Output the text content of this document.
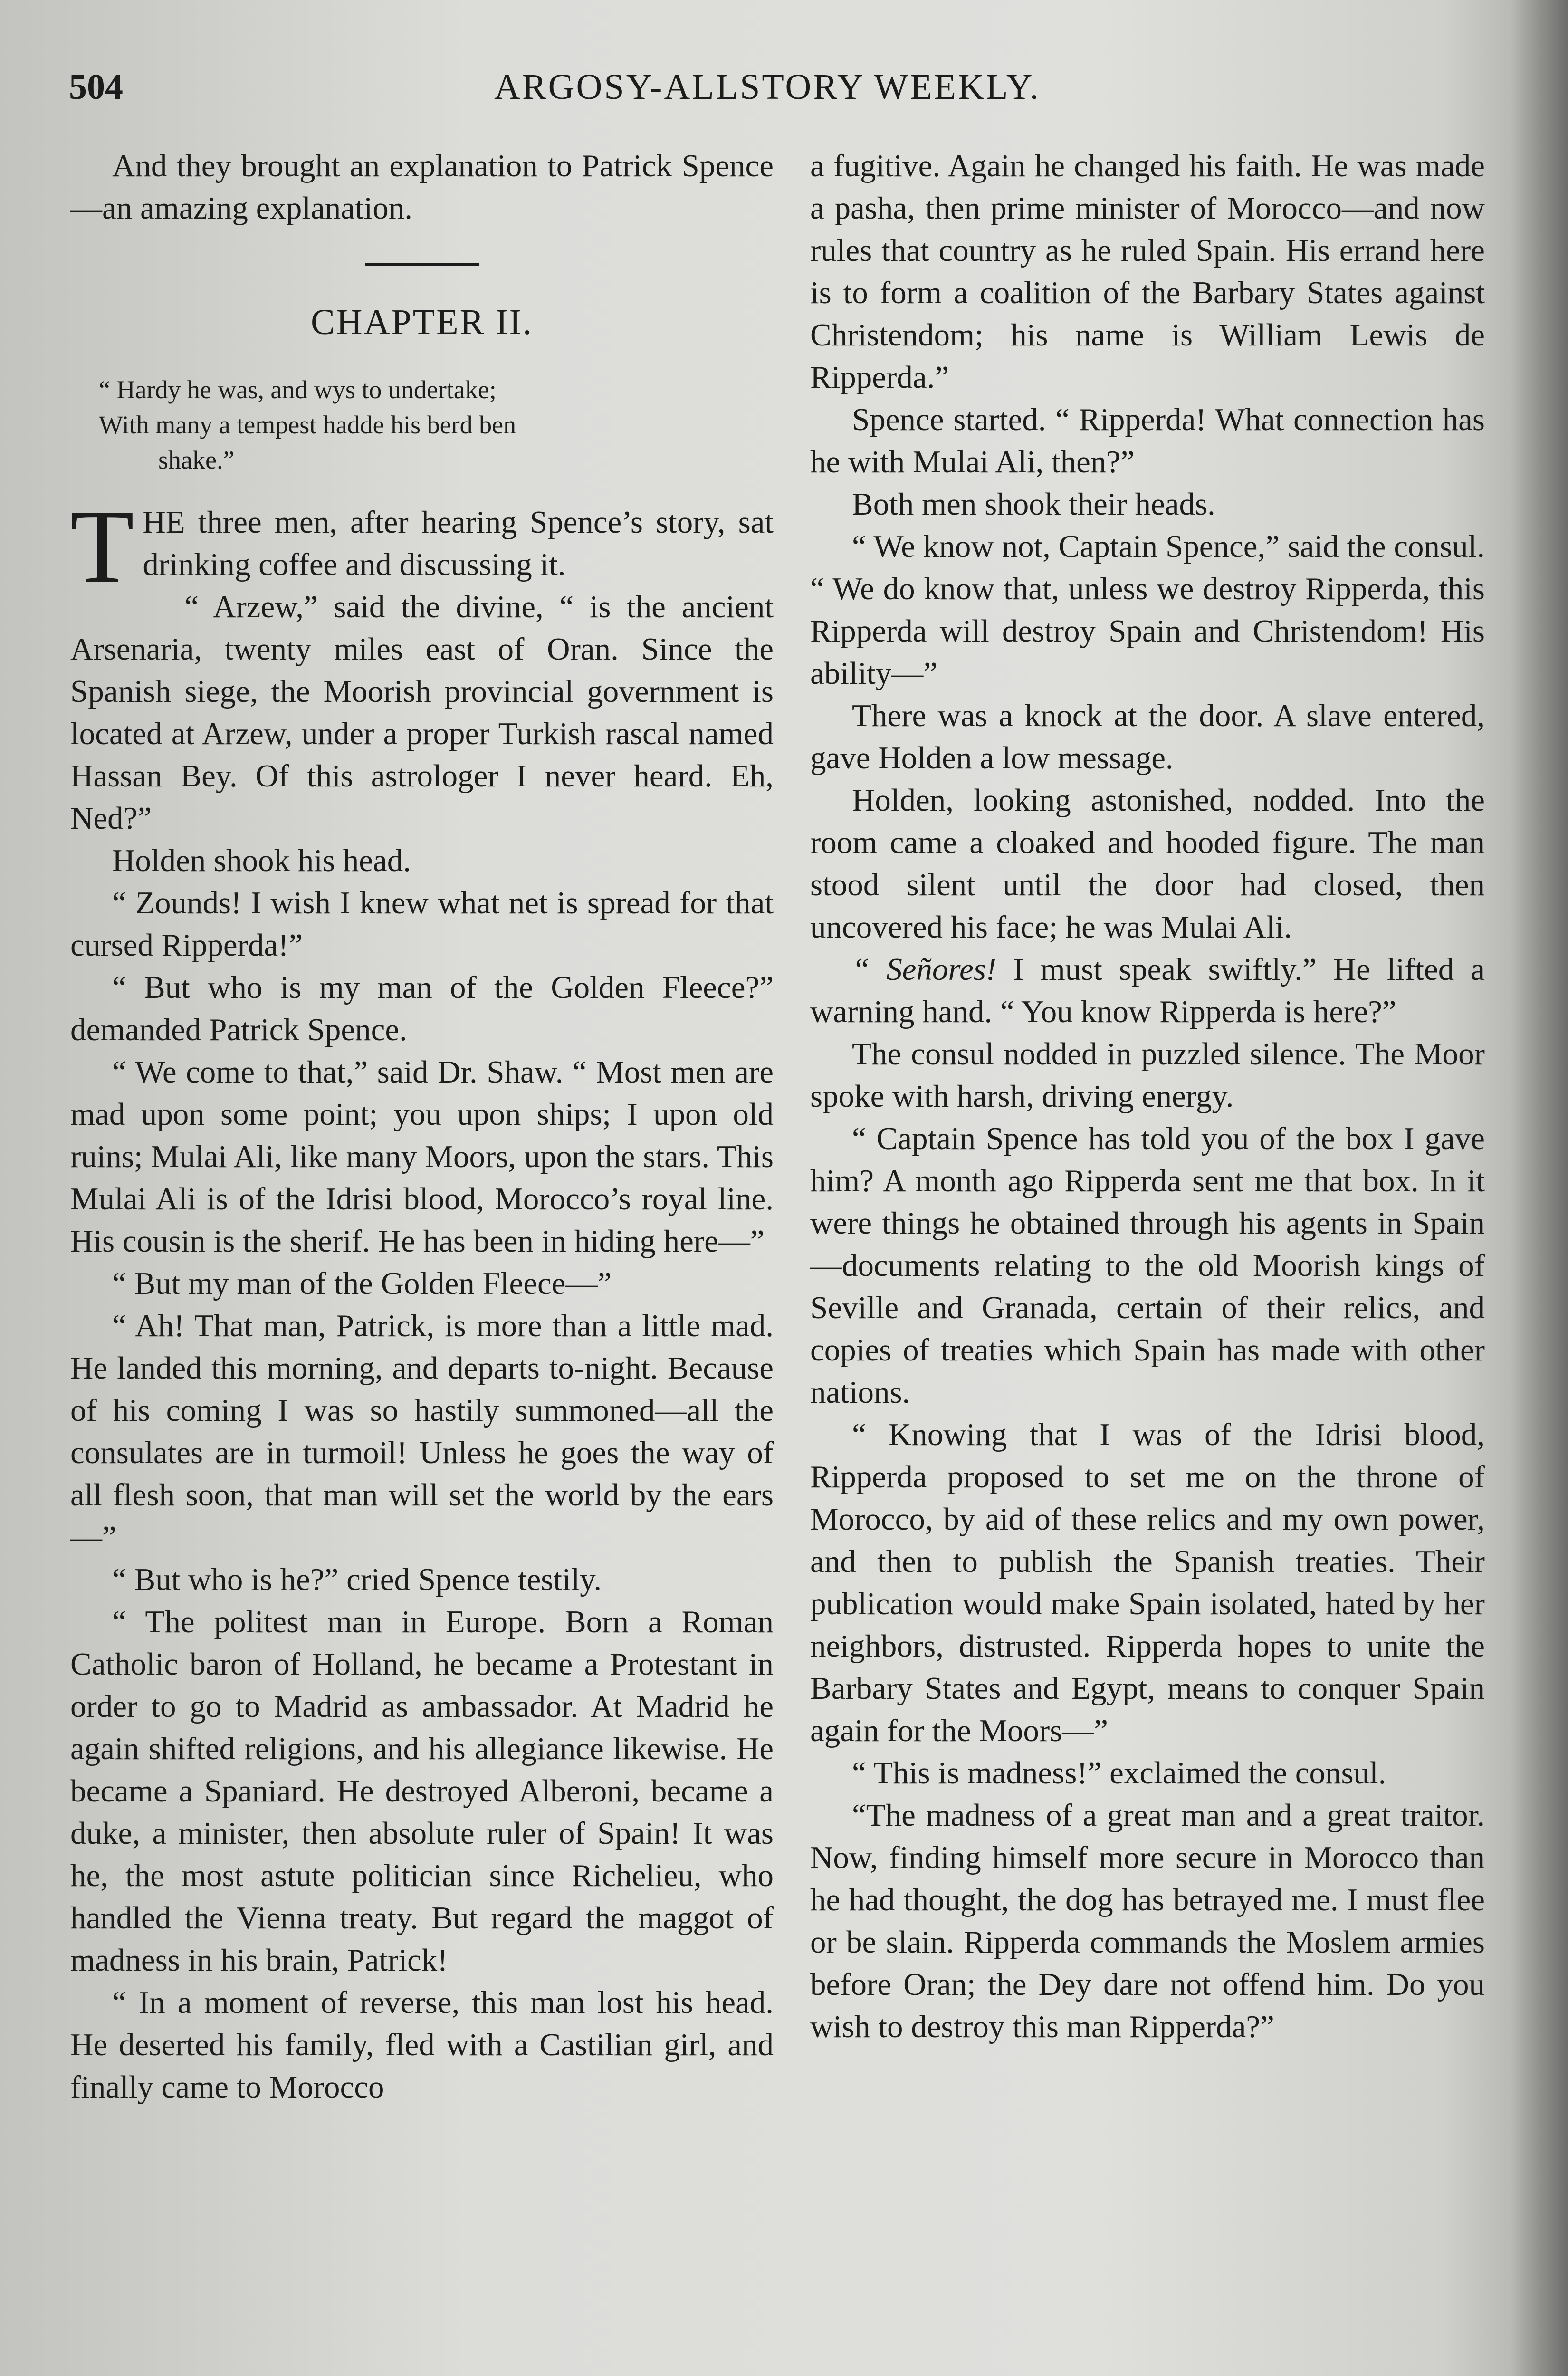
504	ARGOSY-ALLSTORY WEEKLY.

And they brought an explanation to Patrick Spence—an amazing explanation.

CHAPTER II.
“ Hardy he was, and wys to undertake;
With many a tempest hadde his berd ben
shake.”

THE three men, after hearing Spence’s story, sat drinking coffee and discussing it.

“ Arzew,” said the divine, “ is the ancient Arsenaria, twenty miles east of Oran. Since the Spanish siege, the Moorish provincial government is located at Arzew, under a proper Turkish rascal named Hassan Bey. Of this astrologer I never heard. Eh, Ned?”

Holden shook his head.

“ Zounds! I wish I knew what net is spread for that cursed Ripperda!”

“ But who is my man of the Golden Fleece?” demanded Patrick Spence.

“ We come to that,” said Dr. Shaw. “ Most men are mad upon some point; you upon ships; I upon old ruins; Mulai Ali, like many Moors, upon the stars. This Mulai Ali is of the Idrisi blood, Morocco’s royal line. His cousin is the sherif. He has been in hiding here—”

“ But my man of the Golden Fleece—”

“ Ah! That man, Patrick, is more than a little mad. He landed this morning, and departs to-night. Because of his coming I was so hastily summoned—all the consulates are in turmoil! Unless he goes the way of all flesh soon, that man will set the world by the ears—”

“ But who is he?” cried Spence testily.

“ The politest man in Europe. Born a Roman Catholic baron of Holland, he became a Protestant in order to go to Madrid as ambassador. At Madrid he again shifted religions, and his allegiance likewise. He became a Spaniard. He destroyed Alberoni, became a duke, a minister, then absolute ruler of Spain! It was he, the most astute politician since Richelieu, who handled the Vienna treaty. But regard the maggot of madness in his brain, Patrick!

“ In a moment of reverse, this man lost his head. He deserted his family, fled with a Castilian girl, and finally came to Morocco

a fugitive. Again he changed his faith. He was made a pasha, then prime minister of Morocco—and now rules that country as he ruled Spain. His errand here is to form a coalition of the Barbary States against Christendom; his name is William Lewis de Ripperda.”

Spence started. “ Ripperda! What connection has he with Mulai Ali, then?”

Both men shook their heads.

“ We know not, Captain Spence,” said the consul. “ We do know that, unless we destroy Ripperda, this Ripperda will destroy Spain and Christendom! His ability—”

There was a knock at the door. A slave entered, gave Holden a low message.

Holden, looking astonished, nodded. Into the room came a cloaked and hooded figure. The man stood silent until the door had closed, then uncovered his face; he was Mulai Ali.

“ Señores! I must speak swiftly.” He lifted a warning hand. “ You know Ripperda is here?”

The consul nodded in puzzled silence. The Moor spoke with harsh, driving energy.

“ Captain Spence has told you of the box I gave him? A month ago Ripperda sent me that box. In it were things he obtained through his agents in Spain—documents relating to the old Moorish kings of Seville and Granada, certain of their relics, and copies of treaties which Spain has made with other nations.

“ Knowing that I was of the Idrisi blood, Ripperda proposed to set me on the throne of Morocco, by aid of these relics and my own power, and then to publish the Spanish treaties. Their publication would make Spain isolated, hated by her neighbors, distrusted. Ripperda hopes to unite the Barbary States and Egypt, means to conquer Spain again for the Moors—”

“ This is madness!” exclaimed the consul.

“The madness of a great man and a great traitor. Now, finding himself more secure in Morocco than he had thought, the dog has betrayed me. I must flee or be slain. Ripperda commands the Moslem armies before Oran; the Dey dare not offend him. Do you wish to destroy this man Ripperda?”
